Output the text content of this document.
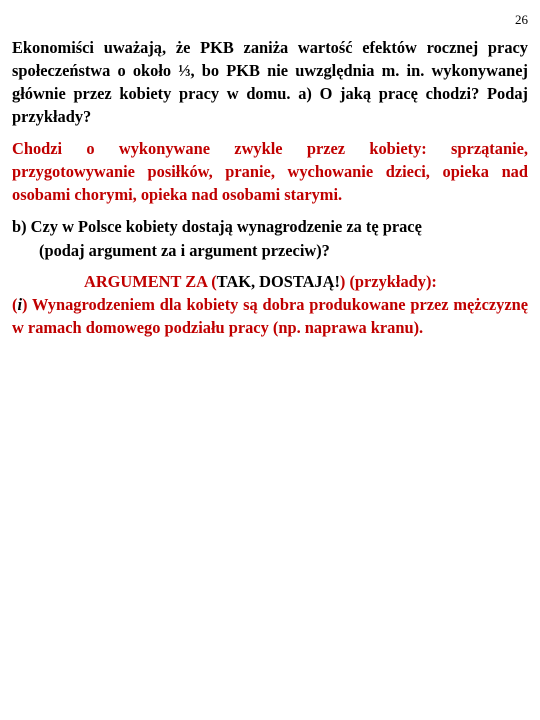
26
Ekonomiści uważają, że PKB zaniża wartość efektów rocznej pracy społeczeństwa o około ⅓, bo PKB nie uwzględnia m. in. wykonywanej głównie przez kobiety pracy w domu. a) O jaką pracę chodzi? Podaj przykłady?
Chodzi o wykonywane zwykle przez kobiety: sprzątanie, przygotowywanie posiłków, pranie, wychowanie dzieci, opieka nad osobami chorymi, opieka nad osobami starymi.
b) Czy w Polsce kobiety dostają wynagrodzenie za tę pracę
(podaj argument za i argument przeciw)?
ARGUMENT ZA (TAK, DOSTAJĄ!) (przykłady):
(i) Wynagrodzeniem dla kobiety są dobra produkowane przez mężczyznę w ramach domowego podziału pracy (np. naprawa kranu).
